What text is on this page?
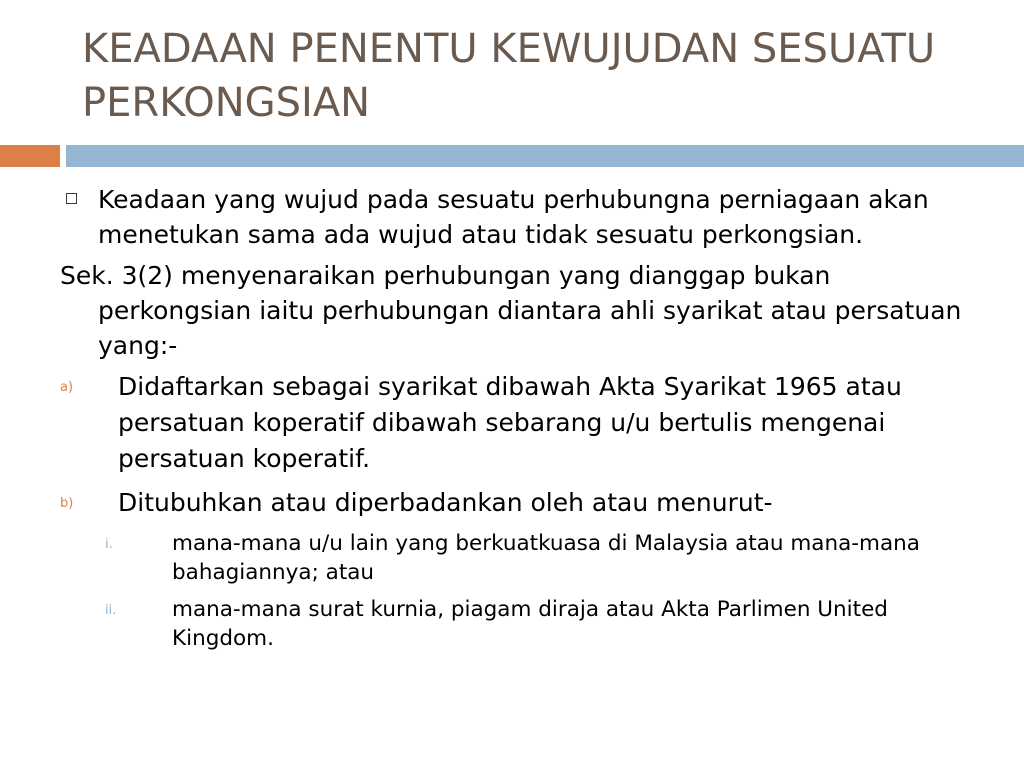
KEADAAN PENENTU KEWUJUDAN SESUATU PERKONGSIAN
Keadaan yang wujud pada sesuatu perhubungna perniagaan akan menetukan sama ada wujud atau tidak sesuatu perkongsian.
Sek. 3(2) menyenaraikan perhubungan yang dianggap bukan perkongsian iaitu perhubungan diantara ahli syarikat atau persatuan yang:-
a) Didaftarkan sebagai syarikat dibawah Akta Syarikat 1965 atau persatuan koperatif dibawah sebarang u/u bertulis mengenai persatuan koperatif.
b) Ditubuhkan atau diperbadankan oleh atau menurut-
i.	mana-mana u/u lain yang berkuatkuasa di Malaysia atau mana-mana bahagiannya; atau
ii.	mana-mana surat kurnia, piagam diraja atau Akta Parlimen United Kingdom.
